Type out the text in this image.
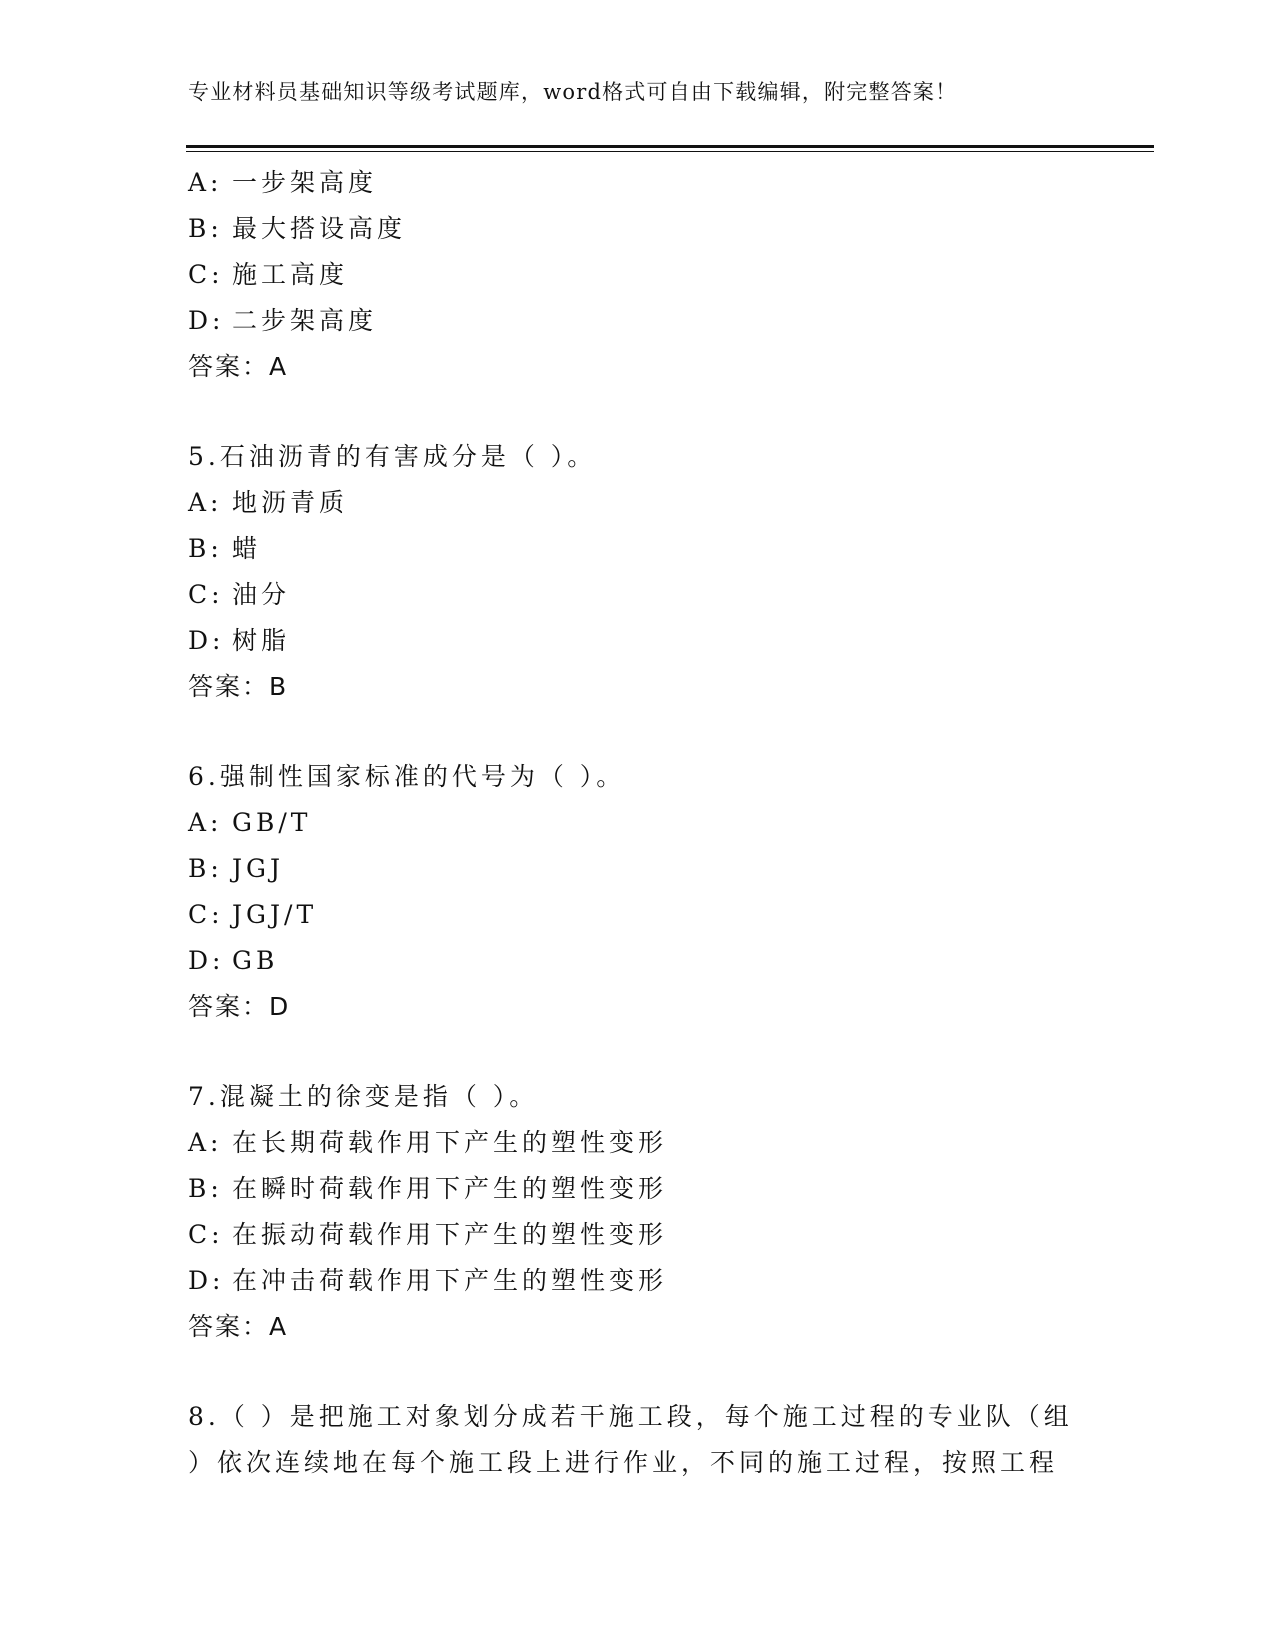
专业材料员基础知识等级考试题库，word格式可自由下载编辑，附完整答案！
A: 一步架高度
B: 最大搭设高度
C: 施工高度
D: 二步架高度
答案：A
5.石油沥青的有害成分是（ ）。
A: 地沥青质
B: 蜡
C: 油分
D: 树脂
答案：B
6.强制性国家标准的代号为（ ）。
A: GB/T
B: JGJ
C: JGJ/T
D: GB
答案：D
7.混凝土的徐变是指（ ）。
A: 在长期荷载作用下产生的塑性变形
B: 在瞬时荷载作用下产生的塑性变形
C: 在振动荷载作用下产生的塑性变形
D: 在冲击荷载作用下产生的塑性变形
答案：A
8.（ ）是把施工对象划分成若干施工段，每个施工过程的专业队（组
）依次连续地在每个施工段上进行作业，不同的施工过程，按照工程
